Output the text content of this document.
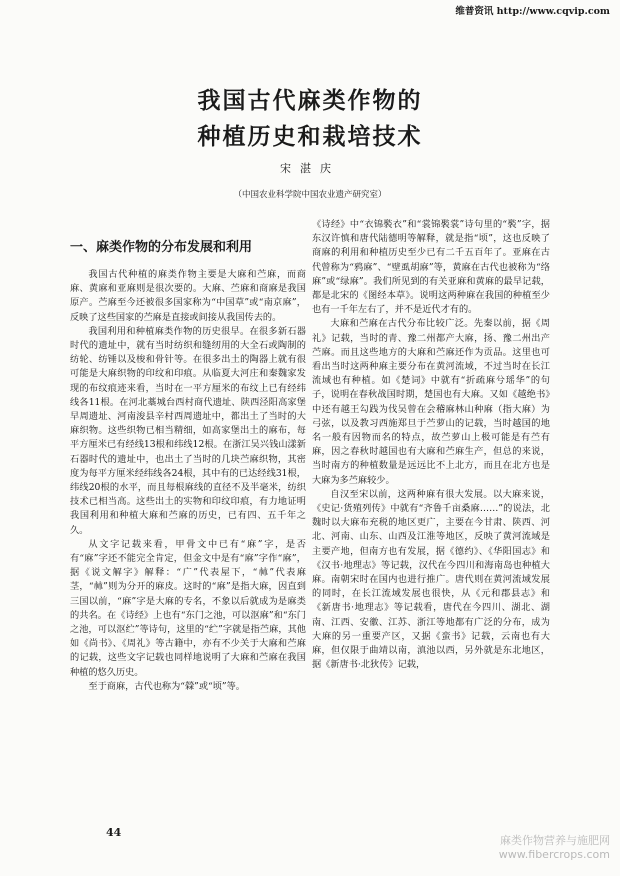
维普资讯 http://www.cqvip.com
我国古代麻类作物的
种植历史和栽培技术
宋湛庆
（中国农业科学院中国农业遗产研究室）
一、麻类作物的分布发展和利用

我国古代种植的麻类作物主要是大麻和苎麻，而商麻、黄麻和亚麻则是很次要的。大麻、苎麻和商麻是我国原产。苎麻至今还被很多国家称为“中国草”或“南京麻”，反映了这些国家的苎麻是直接或间接从我国传去的。

我国利用和种植麻类作物的历史很早。在很多新石器时代的遗址中，就有当时纺织和缝纫用的大全石或陶制的纺轮、纺锤以及梭和骨针等。在很多出土的陶器上就有很可能是大麻织物的印纹和印痕。从临夏大河庄和秦魏家发现的布纹痕迹来看，当时在一平方厘米的布纹上已有经纬线各11根。在河北藁城台西村商代遗址、陕西泾阳高家堡早周遗址、河南浚县辛村西周遗址中，都出土了当时的大麻织物。这些织物已相当精细，如高家堡出土的麻布，每平方厘米已有经线13根和纬线12根。在浙江吴兴钱山漾新石器时代的遗址中，也出土了当时的几块苎麻织物，其密度为每平方厘米经纬线各24根，其中有的已达经线31根，纬线20根的水平，而且每根麻线的直径不及半毫米，纺织技术已相当高。这些出土的实物和印纹印痕，有力地证明我国利用和种植大麻和苎麻的历史，已有四、五千年之久。

从文字记载来看，甲骨文中已有“麻”字，是否有“麻”字还不能完全肯定，但金文中是有“麻”字作“麻”，据《说文解字》解释：“广”代表屋下，“𣏟”代表麻茎，“𣏟”则为分开的麻皮。这时的“麻”是指大麻，因直到三国以前，“麻”字是大麻的专名，不象以后就成为是麻类的共名。在《诗经》上也有“东门之池，可以沤麻”和“东门之池，可以沤纻”等诗句，这里的“纻”字就是指苎麻，其他如《尚书》、《周礼》等古籍中，亦有不少关于大麻和苎麻的记载，这些文字记载也同样地说明了大麻和苎麻在我国种植的悠久历史。

至于商麻，古代也称为“檾”或“顷”等。

《诗经》中“衣锦褧衣”和“裳锦褧裳”诗句里的“褧”字，据东汉许慎和唐代陆德明等解释，就是指“顷”，这也反映了商麻的利用和种植历史至少已有二千五百年了。亚麻在古代曾称为“鸦麻”、“壁虱胡麻”等，黄麻在古代也被称为“络麻”或“绿麻”。我们所见到的有关亚麻和黄麻的最早记载，都是北宋的《图经本草》。说明这两种麻在我国的种植至少也有一千年左右了，并不是近代才有的。

大麻和苎麻在古代分布比较广泛。先秦以前，据《周礼》记载，当时的青、豫二州都产大麻，扬、豫二州出产苎麻。而且这些地方的大麻和苎麻还作为贡品。这里也可看出当时这两种麻主要分布在黄河流域，不过当时在长江流域也有种植。如《楚词》中就有“折疏麻兮瑶华”的句子，说明在春秋战国时期，楚国也有大麻。又如《越绝书》中还有越王勾践为伐吴曾在会稽麻林山种麻（指大麻）为弓弦，以及教习西施郑旦于苎萝山的记载，当时越国的地名一般有因物而名的特点，故苎萝山上极可能是有苎有麻，因之春秋时越国也有大麻和苎麻生产，但总的来说，当时南方的种植数量是远远比不上北方，而且在北方也是大麻为多苎麻较少。

自汉至宋以前，这两种麻有很大发展。以大麻来说，《史记·货殖列传》中就有“齐鲁千亩桑麻……”的说法，北魏时以大麻布充税的地区更广，主要在今甘肃、陕西、河北、河南、山东、山西及江淮等地区，反映了黄河流域是主要产地，但南方也有发展，据《德约》、《华阳国志》和《汉书·地理志》等记载，汉代在今四川和海南岛也种植大麻。南朝宋时在国内也进行推广。唐代则在黄河流域发展的同时，在长江流域发展也很快，从《元和郡县志》和《新唐书·地理志》等记载看，唐代在今四川、湖北、湖南、江西、安徽、江苏、浙江等地都有广泛的分布，成为大麻的另一重要产区，又据《蛮书》记载，云南也有大麻，但仅限于曲靖以南，滇池以西，另外就是东北地区，据《新唐书·北狄传》记载，

44
麻类作物营养与施肥网
www.fibercrops.com
